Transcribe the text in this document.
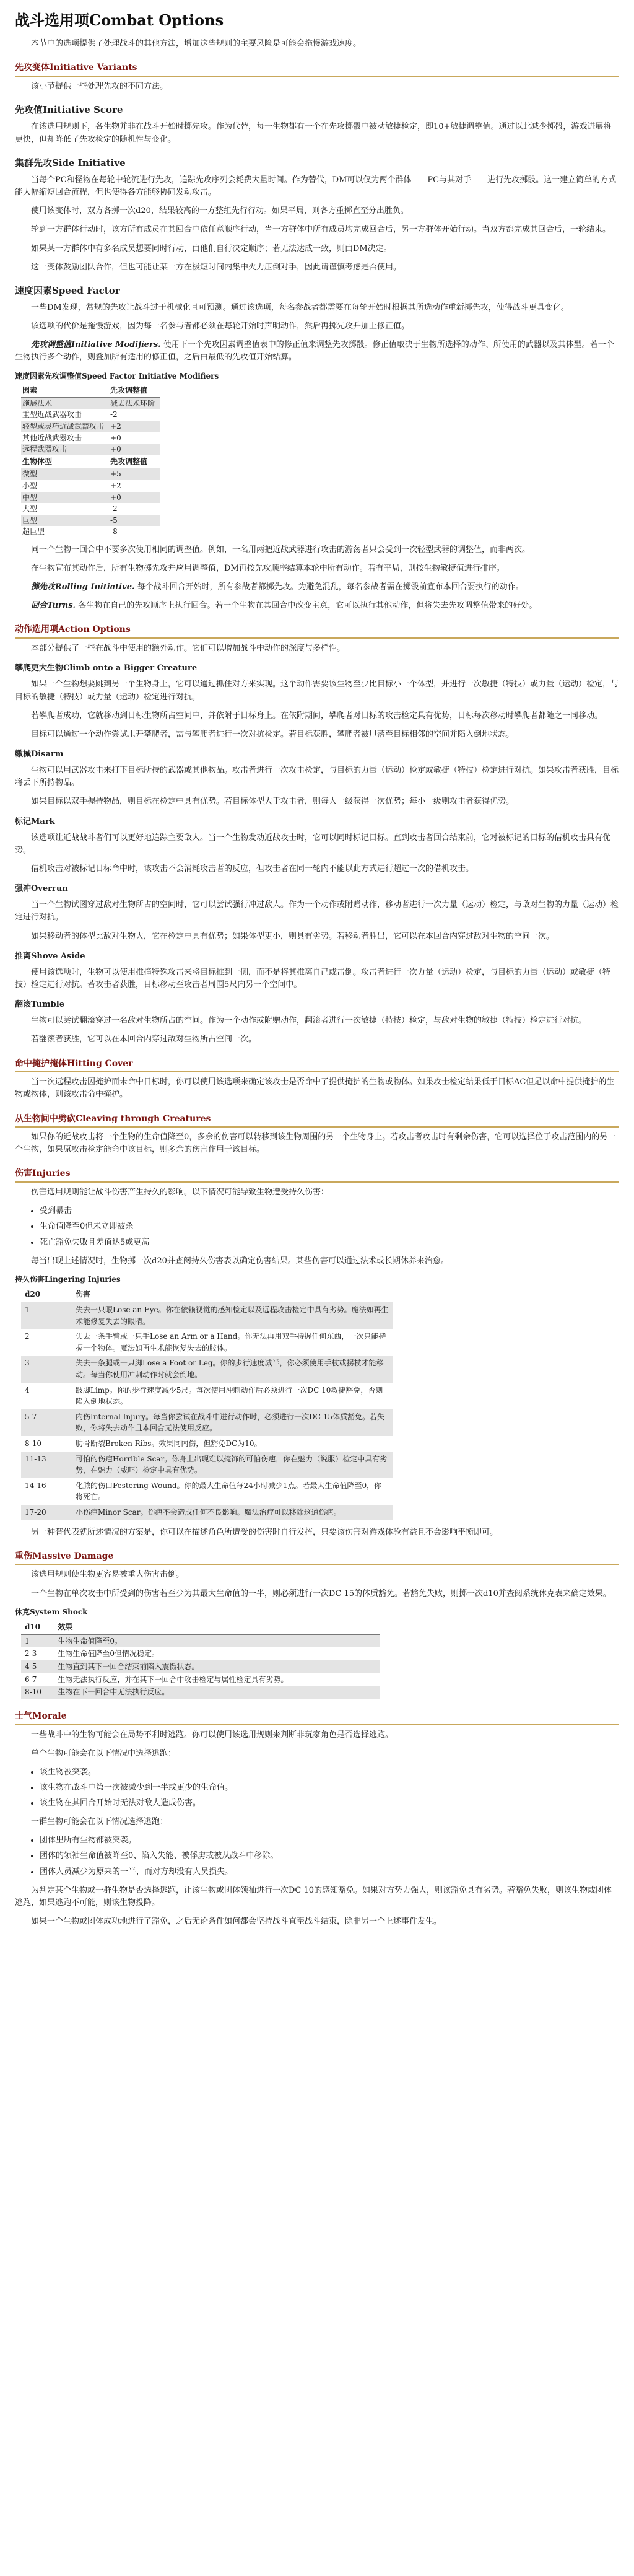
战斗选用项Combat Options

本节中的选项提供了处理战斗的其他方法，增加这些规则的主要风险是可能会拖慢游戏速度。

先攻变体Initiative Variants

该小节提供一些处理先攻的不同方法。

先攻值Initiative Score

在该选用规则下，各生物并非在战斗开始时掷先攻。作为代替，每一生物都有一个在先攻掷骰中被动敏捷检定，即10+敏捷调整值。通过以此减少掷骰，游戏进展将更快，但却降低了先攻检定的随机性与变化。

集群先攻Side Initiative

当每个PC和怪物在每轮中轮流进行先攻，追踪先攻序列会耗费大量时间。作为替代，DM可以仅为两个群体——PC与其对手——进行先攻掷骰。这一建立简单的方式能大幅缩短回合流程，但也使得各方能够协同发动攻击。

使用该变体时，双方各掷一次d20，结果较高的一方整组先行行动。如果平局，则各方重掷直至分出胜负。

轮到一方群体行动时，该方所有成员在其回合中依任意顺序行动，当一方群体中所有成员均完成回合后，另一方群体开始行动。当双方都完成其回合后，一轮结束。

如果某一方群体中有多名成员想要同时行动，由他们自行决定顺序；若无法达成一致，则由DM决定。

这一变体鼓励团队合作，但也可能让某一方在极短时间内集中火力压倒对手，因此请谨慎考虑是否使用。

速度因素Speed Factor

一些DM发现，常规的先攻让战斗过于机械化且可预测。通过该选项，每名参战者都需要在每轮开始时根据其所选动作重新掷先攻，使得战斗更具变化。

该选项的代价是拖慢游戏，因为每一名参与者都必须在每轮开始时声明动作，然后再掷先攻并加上修正值。

先攻调整值Initiative Modifiers. 使用下一个先攻因素调整值表中的修正值来调整先攻掷骰。修正值取决于生物所选择的动作、所使用的武器以及其体型。若一个生物执行多个动作，则叠加所有适用的修正值，之后由最低的先攻值开始结算。

速度因素先攻调整值Speed Factor Initiative Modifiers
因素	先攻调整值
施展法术	减去法术环阶
重型近战武器攻击	-2
轻型或灵巧近战武器攻击	+2
其他近战武器攻击	+0
远程武器攻击	+0
生物体型	先攻调整值
微型	+5
小型	+2
中型	+0
大型	-2
巨型	-5
超巨型	-8

同一个生物一回合中不要多次使用相同的调整值。例如，一名用两把近战武器进行攻击的游荡者只会受到一次轻型武器的调整值，而非两次。

在生物宣布其动作后，所有生物掷先攻并应用调整值，DM再按先攻顺序结算本轮中所有动作。若有平局，则按生物敏捷值进行排序。

掷先攻Rolling Initiative. 每个战斗回合开始时，所有参战者都掷先攻。为避免混乱，每名参战者需在掷骰前宣布本回合要执行的动作。

回合Turns. 各生物在自己的先攻顺序上执行回合。若一个生物在其回合中改变主意，它可以执行其他动作，但将失去先攻调整值带来的好处。

动作选用项Action Options

本部分提供了一些在战斗中使用的额外动作。它们可以增加战斗中动作的深度与多样性。

攀爬更大生物Climb onto a Bigger Creature

如果一个生物想要跳到另一个生物身上，它可以通过抓住对方来实现。这个动作需要该生物至少比目标小一个体型，并进行一次敏捷（特技）或力量（运动）检定，与目标的敏捷（特技）或力量（运动）检定进行对抗。

若攀爬者成功，它就移动到目标生物所占空间中，并依附于目标身上。在依附期间，攀爬者对目标的攻击检定具有优势，目标每次移动时攀爬者都随之一同移动。

目标可以通过一个动作尝试甩开攀爬者，需与攀爬者进行一次对抗检定。若目标获胜，攀爬者被甩落至目标相邻的空间并陷入倒地状态。

缴械Disarm

生物可以用武器攻击来打下目标所持的武器或其他物品。攻击者进行一次攻击检定，与目标的力量（运动）检定或敏捷（特技）检定进行对抗。如果攻击者获胜，目标将丢下所持物品。

如果目标以双手握持物品，则目标在检定中具有优势。若目标体型大于攻击者，则每大一级获得一次优势；每小一级则攻击者获得优势。

标记Mark

该选项让近战战斗者们可以更好地追踪主要敌人。当一个生物发动近战攻击时，它可以同时标记目标。直到攻击者回合结束前，它对被标记的目标的借机攻击具有优势。

借机攻击对被标记目标命中时，该攻击不会消耗攻击者的反应，但攻击者在同一轮内不能以此方式进行超过一次的借机攻击。

强冲Overrun

当一个生物试图穿过敌对生物所占的空间时，它可以尝试强行冲过敌人。作为一个动作或附赠动作，移动者进行一次力量（运动）检定，与敌对生物的力量（运动）检定进行对抗。

如果移动者的体型比敌对生物大，它在检定中具有优势；如果体型更小，则具有劣势。若移动者胜出，它可以在本回合内穿过敌对生物的空间一次。

推离Shove Aside

使用该选项时，生物可以使用推撞特殊攻击来将目标推到一侧，而不是将其推离自己或击倒。攻击者进行一次力量（运动）检定，与目标的力量（运动）或敏捷（特技）检定进行对抗。若攻击者获胜，目标移动至攻击者周围5尺内另一个空间中。

翻滚Tumble

生物可以尝试翻滚穿过一名敌对生物所占的空间。作为一个动作或附赠动作，翻滚者进行一次敏捷（特技）检定，与敌对生物的敏捷（特技）检定进行对抗。

若翻滚者获胜，它可以在本回合内穿过敌对生物所占空间一次。

命中掩护掩体Hitting Cover

当一次远程攻击因掩护而未命中目标时，你可以使用该选项来确定该攻击是否命中了提供掩护的生物或物体。如果攻击检定结果低于目标AC但足以命中提供掩护的生物或物体，则该攻击命中掩护。

从生物间中劈砍Cleaving through Creatures

如果你的近战攻击将一个生物的生命值降至0，多余的伤害可以转移到该生物周围的另一个生物身上。若攻击者攻击时有剩余伤害，它可以选择位于攻击范围内的另一个生物，如果原攻击检定能命中该目标，则多余的伤害作用于该目标。

伤害Injuries

伤害选用规则能让战斗伤害产生持久的影响。以下情况可能导致生物遭受持久伤害：

• 受到暴击
• 生命值降至0但未立即被杀
• 死亡豁免失败且差值达5或更高

每当出现上述情况时，生物掷一次d20并查阅持久伤害表以确定伤害结果。某些伤害可以通过法术或长期休养来治愈。

持久伤害Lingering Injuries
d20	伤害
1	失去一只眼Lose an Eye。你在依赖视觉的感知检定以及远程攻击检定中具有劣势。魔法如再生术能修复失去的眼睛。
2	失去一条手臂或一只手Lose an Arm or a Hand。你无法再用双手持握任何东西，一次只能持握一个物体。魔法如再生术能恢复失去的肢体。
3	失去一条腿或一只脚Lose a Foot or Leg。你的步行速度减半，你必须使用手杖或拐杖才能移动。每当你使用冲刺动作时就会倒地。
4	跛脚Limp。你的步行速度减少5尺。每次使用冲刺动作后必须进行一次DC 10敏捷豁免，否则陷入倒地状态。
5-7	内伤Internal Injury。每当你尝试在战斗中进行动作时，必须进行一次DC 15体质豁免。若失败，你将失去动作且本回合无法使用反应。
8-10	肋骨断裂Broken Ribs。效果同内伤，但豁免DC为10。
11-13	可怕的伤疤Horrible Scar。你身上出现难以掩饰的可怕伤疤，你在魅力（说服）检定中具有劣势，在魅力（威吓）检定中具有优势。
14-16	化脓的伤口Festering Wound。你的最大生命值每24小时减少1点。若最大生命值降至0，你将死亡。
17-20	小伤疤Minor Scar。伤疤不会造成任何不良影响。魔法治疗可以移除这道伤疤。

另一种替代表就所述情况的方案是，你可以在描述角色所遭受的伤害时自行发挥，只要该伤害对游戏体验有益且不会影响平衡即可。

重伤Massive Damage

该选用规则使生物更容易被重大伤害击倒。

一个生物在单次攻击中所受到的伤害若至少为其最大生命值的一半，则必须进行一次DC 15的体质豁免。若豁免失败，则掷一次d10并查阅系统休克表来确定效果。

休克System Shock
d10	效果
1	生物生命值降至0。
2-3	生物生命值降至0但情况稳定。
4-5	生物直到其下一回合结束前陷入震慑状态。
6-7	生物无法执行反应，并在其下一回合中攻击检定与属性检定具有劣势。
8-10	生物在下一回合中无法执行反应。
士气Morale

一些战斗中的生物可能会在局势不利时逃跑。你可以使用该选用规则来判断非玩家角色是否选择逃跑。

单个生物可能会在以下情况中选择逃跑：

• 该生物被突袭。
• 该生物在战斗中第一次被减少到一半或更少的生命值。
• 该生物在其回合开始时无法对敌人造成伤害。

一群生物可能会在以下情况选择逃跑：

• 团体里所有生物都被突袭。
• 团体的领袖生命值被降至0、陷入失能、被俘虏或被从战斗中移除。
• 团体人员减少为原来的一半，而对方却没有人员损失。

为判定某个生物或一群生物是否选择逃跑，让该生物或团体领袖进行一次DC 10的感知豁免。如果对方势力强大，则该豁免具有劣势。若豁免失败，则该生物或团体逃跑，如果逃跑不可能，则该生物投降。

如果一个生物或团体成功地进行了豁免，之后无论条件如何都会坚持战斗直至战斗结束，除非另一个上述事件发生。
